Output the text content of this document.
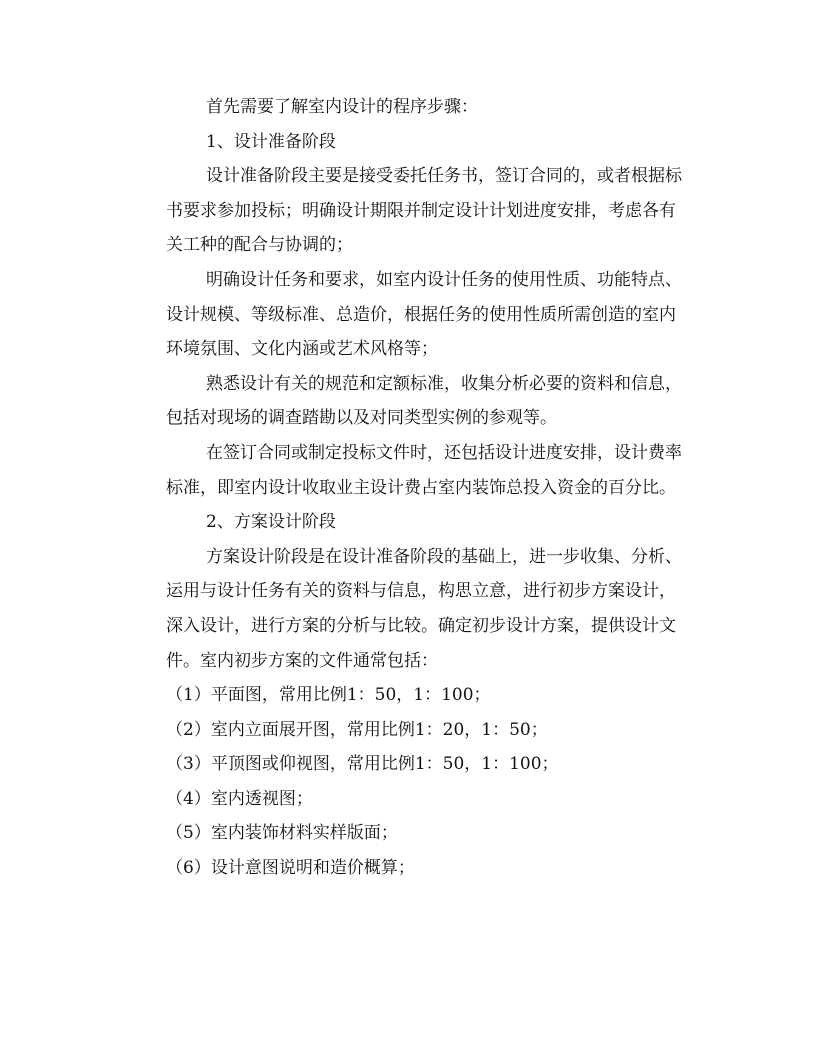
首先需要了解室内设计的程序步骤：

1、设计准备阶段

设计准备阶段主要是接受委托任务书，签订合同的，或者根据标书要求参加投标；明确设计期限并制定设计计划进度安排，考虑各有关工种的配合与协调的；

明确设计任务和要求，如室内设计任务的使用性质、功能特点、设计规模、等级标准、总造价，根据任务的使用性质所需创造的室内环境氛围、文化内涵或艺术风格等；

熟悉设计有关的规范和定额标准，收集分析必要的资料和信息，包括对现场的调查踏勘以及对同类型实例的参观等。

在签订合同或制定投标文件时，还包括设计进度安排，设计费率标准，即室内设计收取业主设计费占室内装饰总投入资金的百分比。

2、方案设计阶段

方案设计阶段是在设计准备阶段的基础上，进一步收集、分析、运用与设计任务有关的资料与信息，构思立意，进行初步方案设计，深入设计，进行方案的分析与比较。确定初步设计方案，提供设计文件。室内初步方案的文件通常包括：

（1）平面图，常用比例1：50，1：100；

（2）室内立面展开图，常用比例1：20，1：50；

（3）平顶图或仰视图，常用比例1：50，1：100；

（4）室内透视图；

（5）室内装饰材料实样版面；

（6）设计意图说明和造价概算；
